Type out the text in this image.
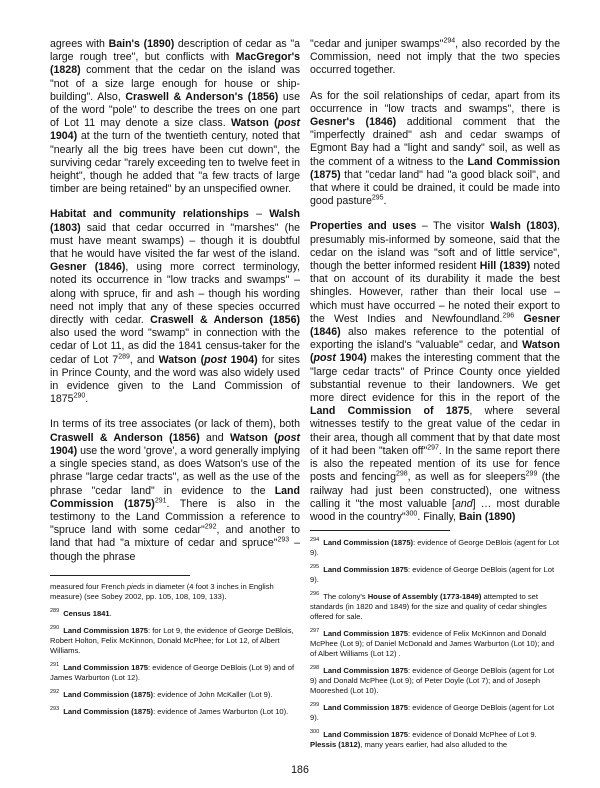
agrees with Bain's (1890) description of cedar as "a large rough tree", but conflicts with MacGregor's (1828) comment that the cedar on the island was "not of a size large enough for house or ship-building". Also, Craswell & Anderson's (1856) use of the word "pole" to describe the trees on one part of Lot 11 may denote a size class. Watson (post 1904) at the turn of the twentieth century, noted that "nearly all the big trees have been cut down", the surviving cedar "rarely exceeding ten to twelve feet in height", though he added that "a few tracts of large timber are being retained" by an unspecified owner.

Habitat and community relationships – Walsh (1803) said that cedar occurred in "marshes" (he must have meant swamps) – though it is doubtful that he would have visited the far west of the island. Gesner (1846), using more correct terminology, noted its occurrence in "low tracks and swamps" – along with spruce, fir and ash – though his wording need not imply that any of these species occurred directly with cedar. Craswell & Anderson (1856) also used the word "swamp" in connection with the cedar of Lot 11, as did the 1841 census-taker for the cedar of Lot $7^{289}$, and Watson (post 1904) for sites in Prince County, and the word was also widely used in evidence given to the Land Commission of 1875$^{290}$.

In terms of its tree associates (or lack of them), both Craswell & Anderson (1856) and Watson (post 1904) use the word 'grove', a word generally implying a single species stand, as does Watson's use of the phrase "large cedar tracts", as well as the use of the phrase "cedar land" in evidence to the Land Commission $(1875)^{291}$. There is also in the testimony to the Land Commission a reference to "spruce land with some cedar"$^{292}$, and another to land that had "a mixture of cedar and spruce"$^{293}$ – though the phrase

"cedar and juniper swamps"$^{294}$, also recorded by the Commission, need not imply that the two species occurred together.

As for the soil relationships of cedar, apart from its occurrence in "low tracts and swamps", there is Gesner's (1846) additional comment that the "imperfectly drained" ash and cedar swamps of Egmont Bay had a "light and sandy" soil, as well as the comment of a witness to the Land Commission (1875) that "cedar land" had "a good black soil", and that where it could be drained, it could be made into good pasture$^{295}$.

Properties and uses – The visitor Walsh (1803), presumably mis-informed by someone, said that the cedar on the island was "soft and of little service", though the better informed resident Hill (1839) noted that on account of its durability it made the best shingles. However, rather than their local use – which must have occurred – he noted their export to the West Indies and Newfoundland.$^{296}$ Gesner (1846) also makes reference to the potential of exporting the island's "valuable" cedar, and Watson (post 1904) makes the interesting comment that the "large cedar tracts" of Prince County once yielded substantial revenue to their landowners. We get more direct evidence for this in the report of the Land Commission of 1875, where several witnesses testify to the great value of the cedar in their area, though all comment that by that date most of it had been "taken off"$^{297}$. In the same report there is also the repeated mention of its use for fence posts and fencing$^{298}$, as well as for sleepers$^{299}$ (the railway had just been constructed), one witness calling it "the most valuable [and] … most durable wood in the country"$^{300}$. Finally, Bain (1890)

measured four French pieds in diameter (4 foot 3 inches in English measure) (see Sobey 2002, pp. 105, 108, 109, 133).

$^{289}$ Census 1841.

$^{290}$ Land Commission 1875: for Lot 9, the evidence of George DeBlois, Robert Holton, Felix McKinnon, Donald McPhee; for Lot 12, of Albert Williams.

$^{291}$ Land Commission 1875: evidence of George DeBlois (Lot 9) and of James Warburton (Lot 12).

$^{292}$ Land Commission (1875): evidence of John McKaller (Lot 9).

$^{293}$ Land Commission (1875): evidence of James Warburton (Lot 10).

$^{294}$ Land Commission (1875): evidence of George DeBlois (agent for Lot 9).

$^{295}$ Land Commission 1875: evidence of George DeBlois (agent for Lot 9).

$^{296}$ The colony's House of Assembly (1773-1849) attempted to set standards (in 1820 and 1849) for the size and quality of cedar shingles offered for sale.

$^{297}$ Land Commission 1875: evidence of Felix McKinnon and Donald McPhee (Lot 9); of Daniel McDonald and James Warburton (Lot 10); and of Albert Williams (Lot 12) .

$^{298}$ Land Commission 1875: evidence of George DeBlois (agent for Lot 9) and Donald McPhee (Lot 9); of Peter Doyle (Lot 7); and of Joseph Mooreshed (Lot 10).

$^{299}$ Land Commission 1875: evidence of George DeBlois (agent for Lot 9).

$^{300}$ Land Commission 1875: evidence of Donald McPhee of Lot 9.
Plessis (1812), many years earlier, had also alluded to the

186
